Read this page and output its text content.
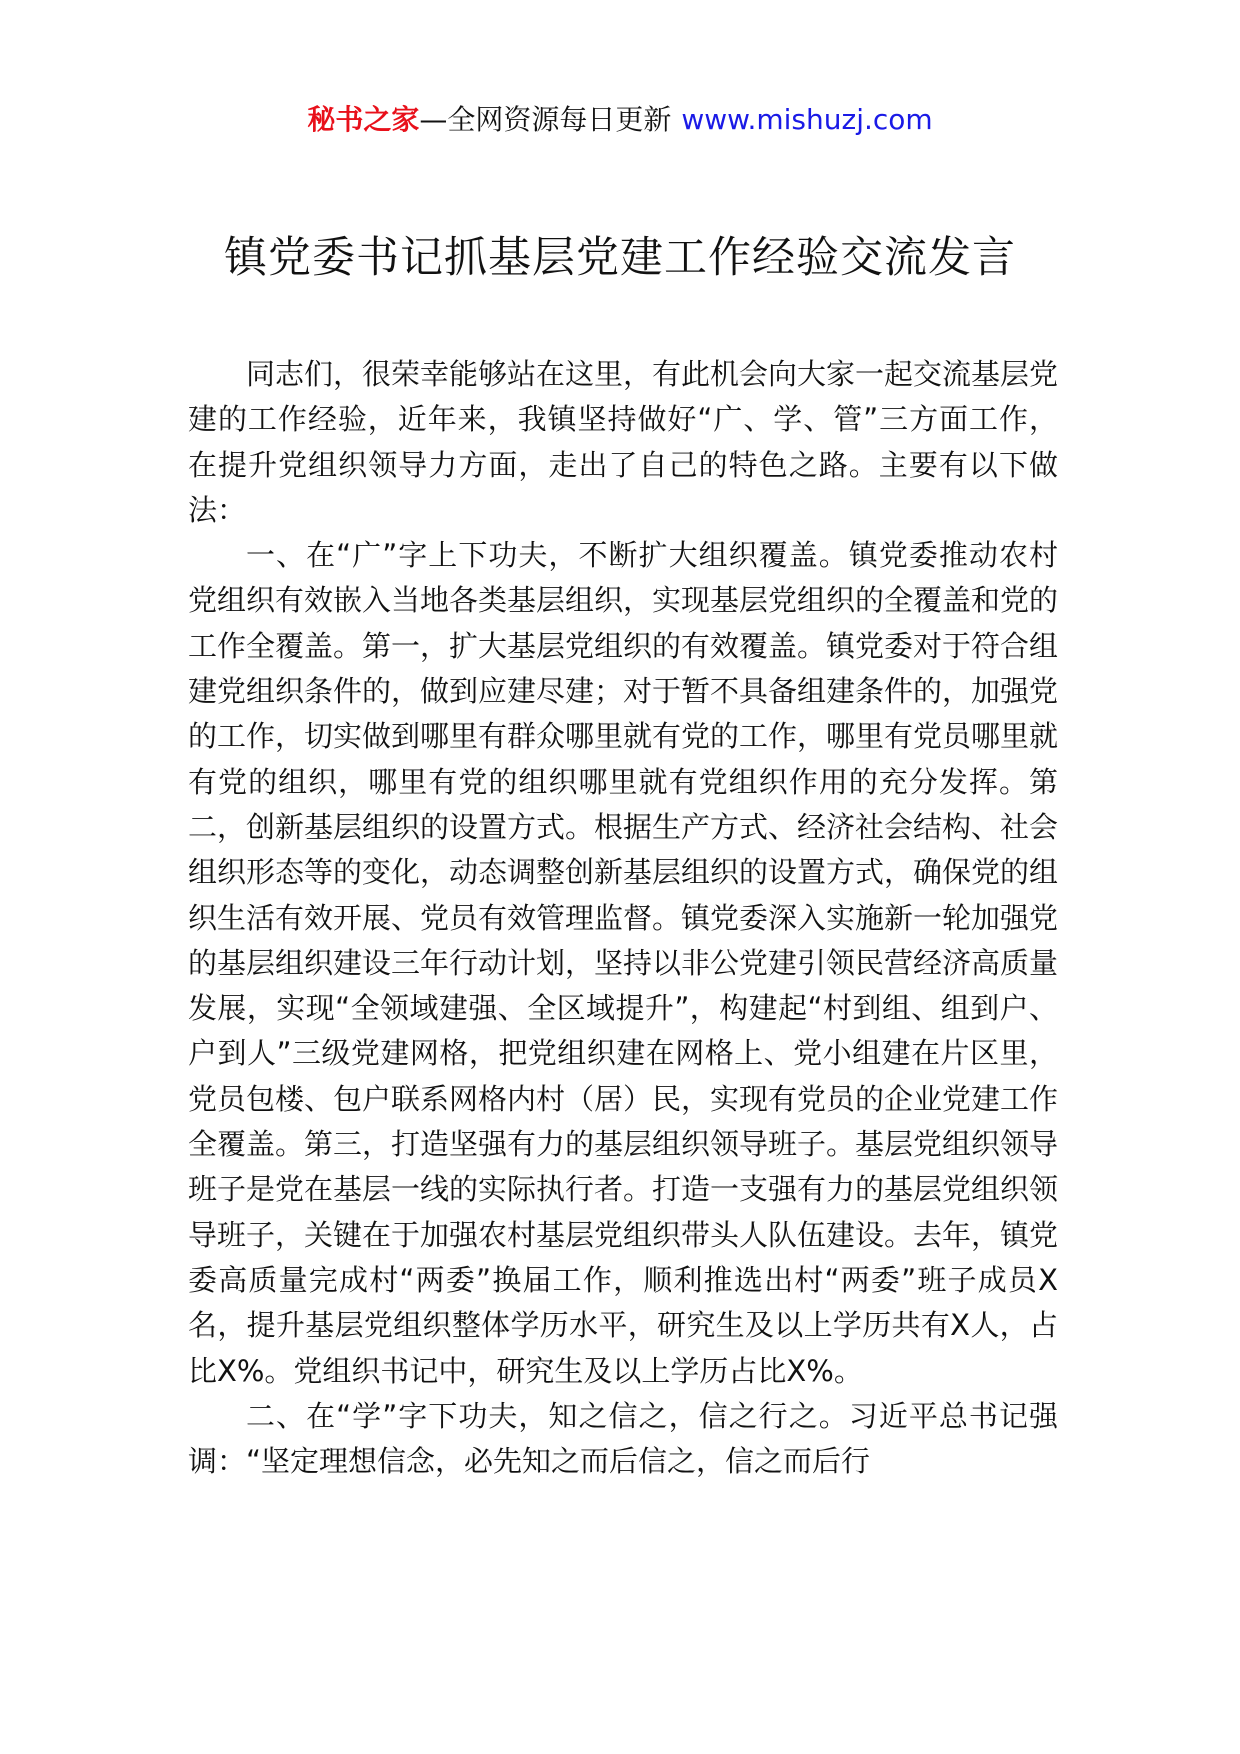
秘书之家—全网资源每日更新 www.mishuzj.com
镇党委书记抓基层党建工作经验交流发言

同志们，很荣幸能够站在这里，有此机会向大家一起交流基层党建的工作经验，近年来，我镇坚持做好“广、学、管”三方面工作，在提升党组织领导力方面，走出了自己的特色之路。主要有以下做法：

一、在“广”字上下功夫，不断扩大组织覆盖。镇党委推动农村党组织有效嵌入当地各类基层组织，实现基层党组织的全覆盖和党的工作全覆盖。第一，扩大基层党组织的有效覆盖。镇党委对于符合组建党组织条件的，做到应建尽建；对于暂不具备组建条件的，加强党的工作，切实做到哪里有群众哪里就有党的工作，哪里有党员哪里就有党的组织，哪里有党的组织哪里就有党组织作用的充分发挥。第二，创新基层组织的设置方式。根据生产方式、经济社会结构、社会组织形态等的变化，动态调整创新基层组织的设置方式，确保党的组织生活有效开展、党员有效管理监督。镇党委深入实施新一轮加强党的基层组织建设三年行动计划，坚持以非公党建引领民营经济高质量发展，实现“全领域建强、全区域提升”，构建起“村到组、组到户、户到人”三级党建网格，把党组织建在网格上、党小组建在片区里，党员包楼、包户联系网格内村（居）民，实现有党员的企业党建工作全覆盖。第三，打造坚强有力的基层组织领导班子。基层党组织领导班子是党在基层一线的实际执行者。打造一支强有力的基层党组织领导班子，关键在于加强农村基层党组织带头人队伍建设。去年，镇党委高质量完成村“两委”换届工作，顺利推选出村“两委”班子成员X名，提升基层党组织整体学历水平，研究生及以上学历共有X人，占比X%。党组织书记中，研究生及以上学历占比X%。

二、在“学”字下功夫，知之信之，信之行之。习近平总书记强调：“坚定理想信念，必先知之而后信之，信之而后行
